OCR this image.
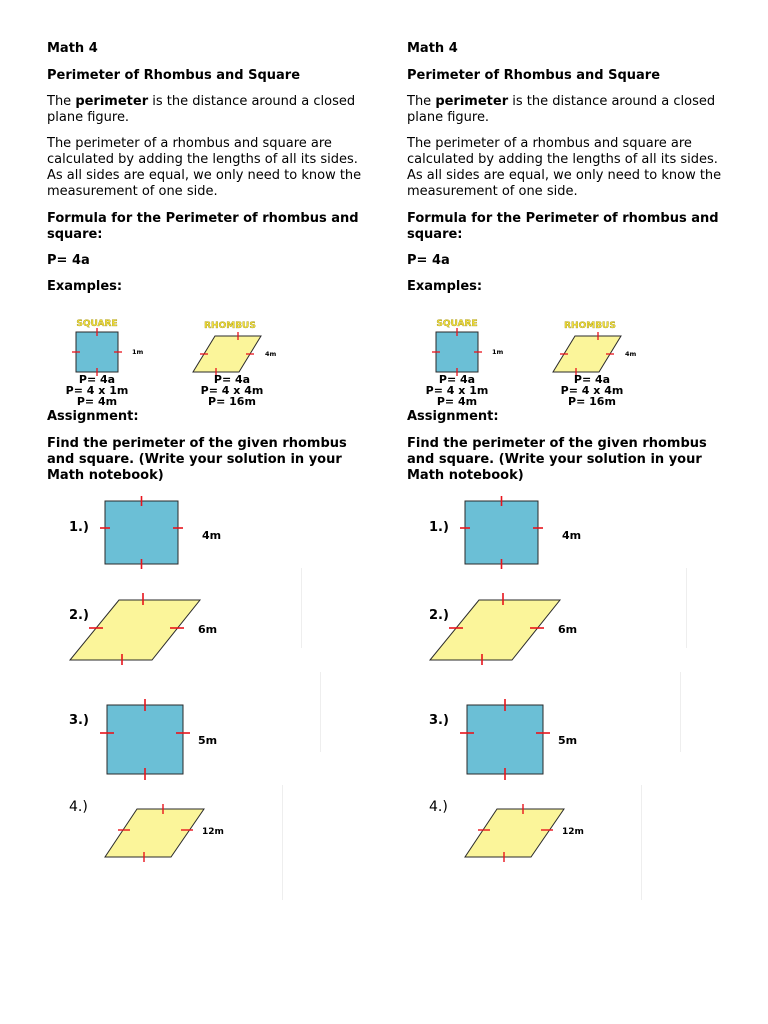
Math 4
Perimeter of Rhombus and Square

The perimeter is the distance around a closed plane figure.

The perimeter of a rhombus and square are calculated by adding the lengths of all its sides. As all sides are equal, we only need to know the measurement of one side.

Formula for the Perimeter of rhombus and square:

P= 4a
Examples:
SQUARE
1m
P= 4a
P= 4 x 1m
P= 4m
RHOMBUS
4m
P= 4a
P= 4 x 4m
P= 16m
Assignment:

Find the perimeter of the given rhombus and square. (Write your solution in your Math notebook)

1.)
4m
2.)
6m
3.)
5m
4.)
12m
Math 4
Perimeter of Rhombus and Square

The perimeter is the distance around a closed plane figure.

The perimeter of a rhombus and square are calculated by adding the lengths of all its sides. As all sides are equal, we only need to know the measurement of one side.

Formula for the Perimeter of rhombus and square:

P= 4a
Examples:
SQUARE
1m
P= 4a
P= 4 x 1m
P= 4m
RHOMBUS
4m
P= 4a
P= 4 x 4m
P= 16m
Assignment:

Find the perimeter of the given rhombus and square. (Write your solution in your Math notebook)

1.)
4m
2.)
6m
3.)
5m
4.)
12m
